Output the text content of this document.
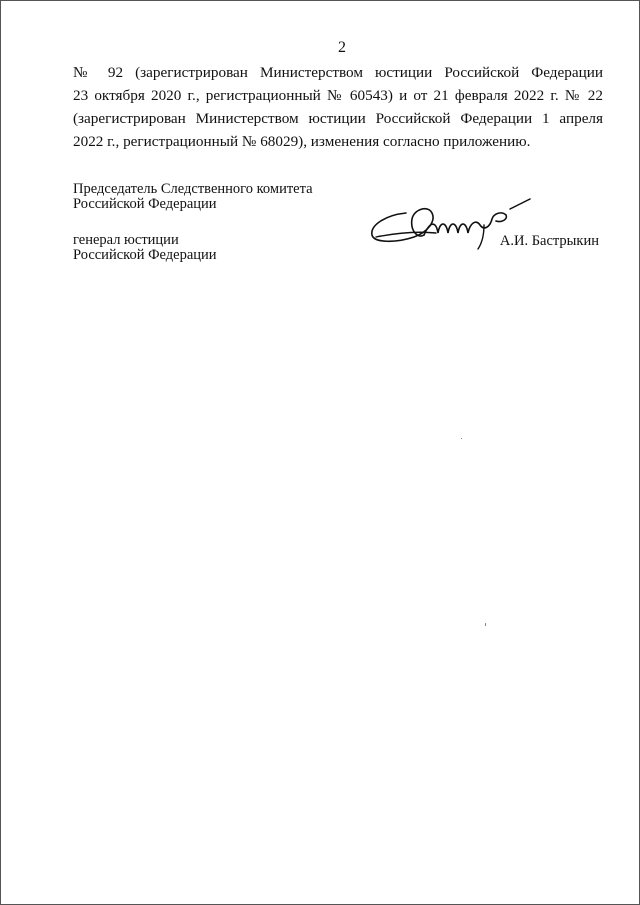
2
№ 92 (зарегистрирован Министерством юстиции Российской Федерации
23 октября 2020 г., регистрационный № 60543) и от 21 февраля 2022 г. № 22
(зарегистрирован Министерством юстиции Российской Федерации 1 апреля
2022 г., регистрационный № 68029), изменения согласно приложению.
Председатель Следственного комитета
Российской Федерации
генерал юстиции
Российской Федерации
А.И. Бастрыкин
